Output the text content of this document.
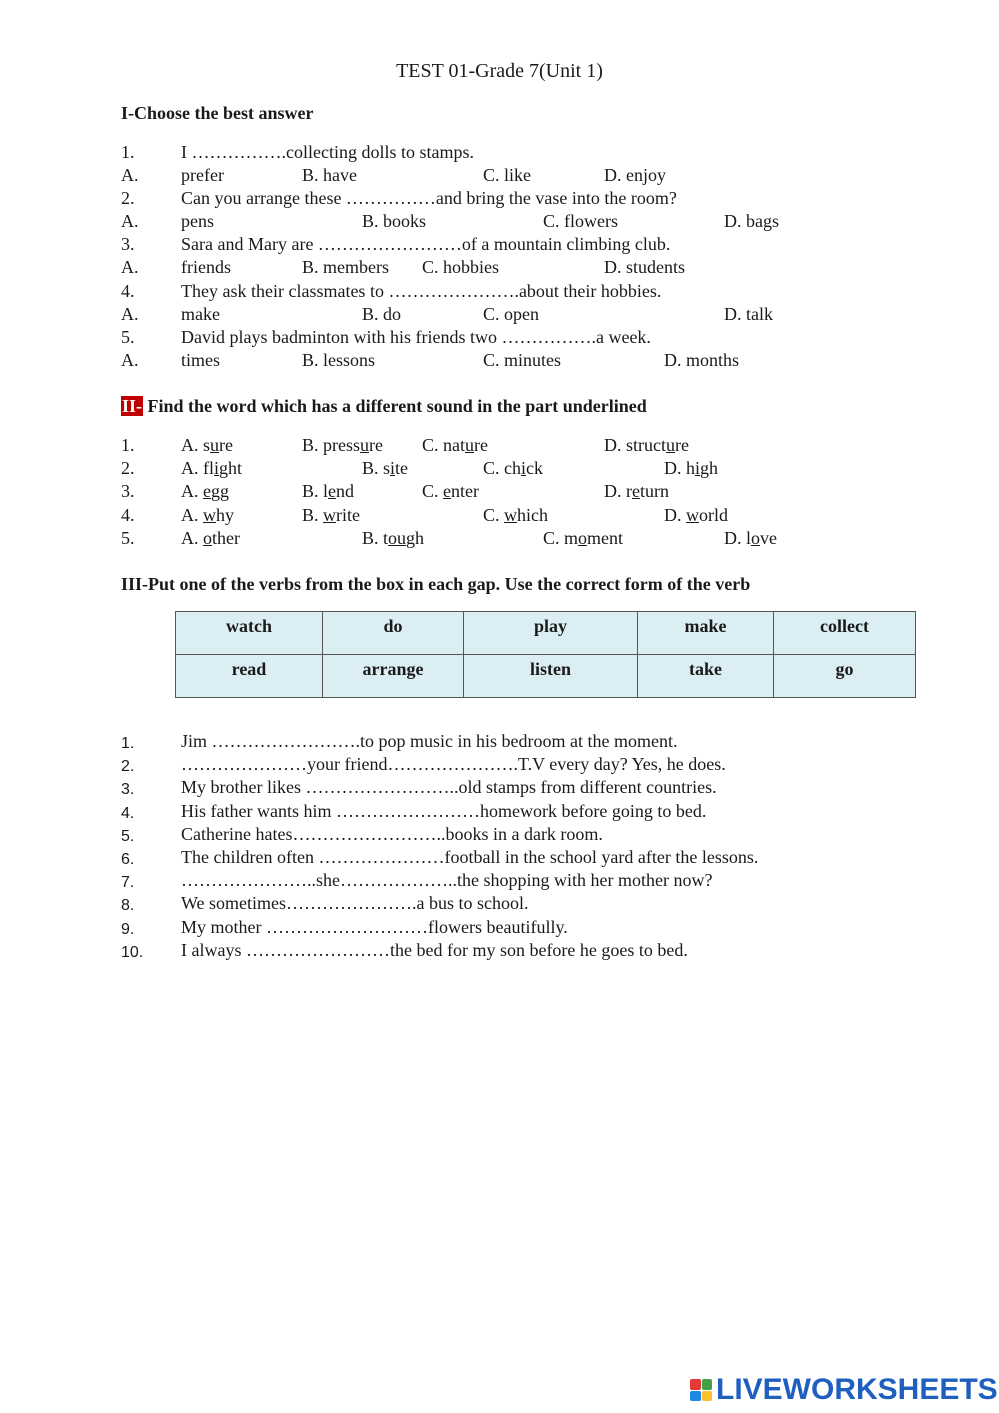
TEST 01-Grade 7(Unit 1)
I-Choose the best answer
1.	I …………….collecting dolls to stamps.
A. prefer	B. have	C. like	D. enjoy
2.	Can you arrange these ……………and bring the vase into the room?
A. pens	B. books	C. flowers	D. bags
3.	Sara and Mary are ……………………of a mountain climbing club.
A. friends	B. members C. hobbies	D. students
4.	They ask their classmates to ………………….about their hobbies.
A. make	B. do	C. open	D. talk
5.	David plays badminton with his friends two …………….a week.
A. times	B. lessons	C. minutes	D. months
II- Find the word which has a different sound in the part underlined
1.	A. sure	B. pressure C. nature	D. structure
2.	A. flight	B. site	C. chick	D. high
3.	A. egg	B. lend	C. enter	D. return
4.	A. why	B. write	C. which	D. world
5.	A. other	B. tough	C. moment	D. love
III-Put one of the verbs from the box in each gap. Use the correct form of the verb
watch	do	play	make	collect
read	arrange	listen	take	go
1.	Jim …………………….to pop music in his bedroom at the moment.
2.	…………………your friend………………….T.V every day? Yes, he does.
3.	My brother likes ……………………..old stamps from different countries.
4.	His father wants him ……………………homework before going to bed.
5.	Catherine hates……………………..books in a dark room.
6.	The children often …………………football in the school yard after the lessons.
7.	…………………..she………………..the shopping with her mother now?
8.	We sometimes………………….a bus to school.
9.	My mother ………………………flowers beautifully.
10. I always ……………………the bed for my son before he goes to bed.
LIVEWORKSHEETS
